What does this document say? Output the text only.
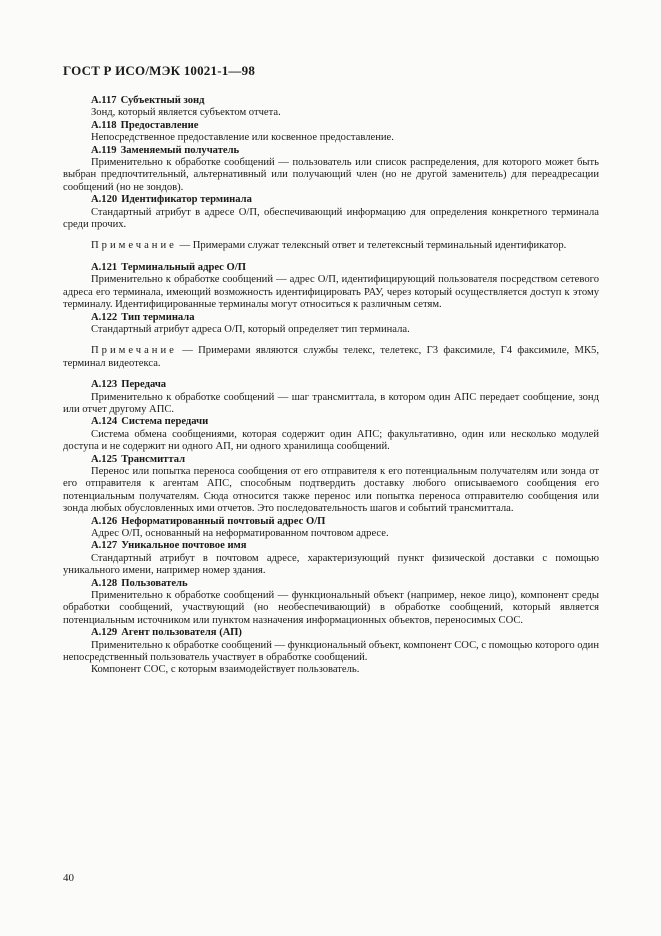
ГОСТ Р ИСО/МЭК 10021-1—98
A.117 Субъектный зонд

Зонд, который является субъектом отчета.

A.118 Предоставление

Непосредственное предоставление или косвенное предоставление.

A.119 Заменяемый получатель

Применительно к обработке сообщений — пользователь или список распределения, для которого может быть выбран предпочтительный, альтернативный или получающий член (но не другой заменитель) для переадресации сообщений (но не зондов).

A.120 Идентификатор терминала

Стандартный атрибут в адресе О/П, обеспечивающий информацию для определения конкретного терминала среди прочих.

Примечание — Примерами служат телексный ответ и телетексный терминальный идентификатор.

A.121 Терминальный адрес О/П

Применительно к обработке сообщений — адрес О/П, идентифицирующий пользователя посредством сетевого адреса его терминала, имеющий возможность идентифицировать РАУ, через который осуществляется доступ к этому терминалу. Идентифицированные терминалы могут относиться к различным сетям.

A.122 Тип терминала

Стандартный атрибут адреса О/П, который определяет тип терминала.

Примечание — Примерами являются службы телекс, телетекс, Г3 факсимиле, Г4 факсимиле, МК5, терминал видеотекса.

A.123 Передача

Применительно к обработке сообщений — шаг трансмиттала, в котором один АПС передает сообщение, зонд или отчет другому АПС.

A.124 Система передачи

Система обмена сообщениями, которая содержит один АПС; факультативно, один или несколько модулей доступа и не содержит ни одного АП, ни одного хранилища сообщений.

A.125 Трансмиттал

Перенос или попытка переноса сообщения от его отправителя к его потенциальным получателям или зонда от его отправителя к агентам АПС, способным подтвердить доставку любого описываемого сообщения его потенциальным получателям. Сюда относится также перенос или попытка переноса отправителю сообщения или зонда любых обусловленных ими отчетов. Это последовательность шагов и событий трансмиттала.

A.126 Неформатированный почтовый адрес О/П

Адрес О/П, основанный на неформатированном почтовом адресе.

A.127 Уникальное почтовое имя

Стандартный атрибут в почтовом адресе, характеризующий пункт физической доставки с помощью уникального имени, например номер здания.

A.128 Пользователь

Применительно к обработке сообщений — функциональный объект (например, некое лицо), компонент среды обработки сообщений, участвующий (но необеспечивающий) в обработке сообщений, который является потенциальным источником или пунктом назначения информационных объектов, переносимых СОС.

A.129 Агент пользователя (АП)

Применительно к обработке сообщений — функциональный объект, компонент СОС, с помощью которого один непосредственный пользователь участвует в обработке сообщений.

Компонент СОС, с которым взаимодействует пользователь.

40
